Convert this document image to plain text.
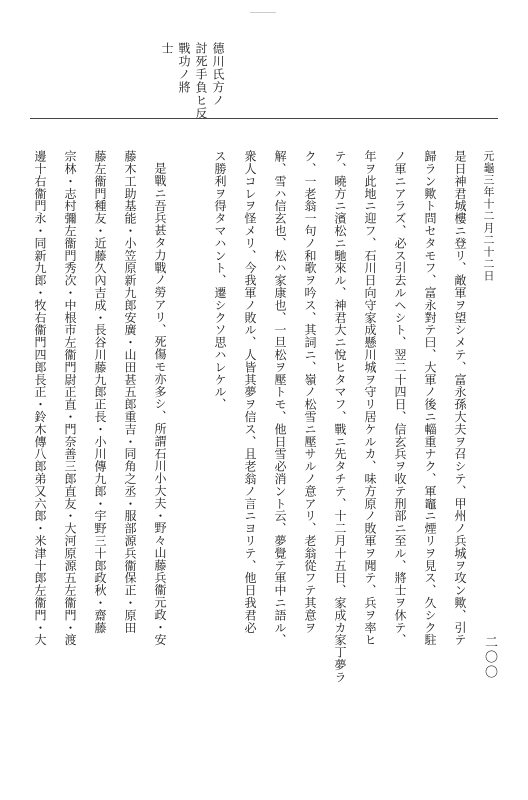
德川氏方ノ
討死手負ヒ反
戰功ノ將
士
元龜三年十二月二十二日
二〇〇
是日神君城樓ニ登リ、敵軍ヲ望シメテ、富永孫大夫ヲ召シテ、甲州ノ兵城ヲ攻ン歟、引テ
歸ラン歟ト問セタモフ、富永對テ曰、大軍ノ後ニ輜重ナク、軍竈ニ煙リヲ見ス、久シク駐
ノ軍ニアラズ、必ス引去ルヘシト、翌二十四日、信玄兵ヲ收テ刑部ニ至ル、將士ヲ休テ、
年ヲ此地ニ迎フ、石川日向守家成懸川城ヲ守リ居ケルカ、味方原ノ敗軍ヲ聞テ、兵ヲ率ヒ
テ、曉方ニ濱松ニ馳來ル、神君大ニ悅ヒタマフ、戰ニ先タチテ、十二月十五日、家成カ家丁夢ラ
ク、一老翁一句ノ和歌ヲ吟ス、其詞ニ、嶺ノ松雪ニ壓サルノ意アリ、老翁從フテ其意ヲ
解、雪ハ信玄也、松ハ家康也、一旦松ヲ壓トモ、他日雪必消ント云、夢覺テ軍中ニ語ル、
衆人コレヲ怪メリ、今我軍ノ敗ル、人皆其夢ヲ信ス、且老翁ノ言ニヨリテ、他日我君必
ス勝利ヲ得タマハント、遷シクソ思ハレケル、
是戰ニ吾兵甚タ力戰ノ勞アリ、死傷モ亦多シ、所謂石川小大夫・野々山藤兵衞元政・安
藤木工助基能・小笠原新九郎安廣・山田甚五郎重吉・同角之丞・服部源兵衞保正・原田
藤左衞門種友・近藤久內吉成・長谷川藤九郎正長・小川傳九郎・宇野三十郎政秋・齋藤
宗林・志村彌左衞門秀次・中根市左衞門尉正直・門奈善三郎直友・大河原源五左衞門・渡
邊十右衞門永・同新九郎・牧右衞門四郎長正・鈴木傳八郎弟又六郎・米津十郎左衞門・大
